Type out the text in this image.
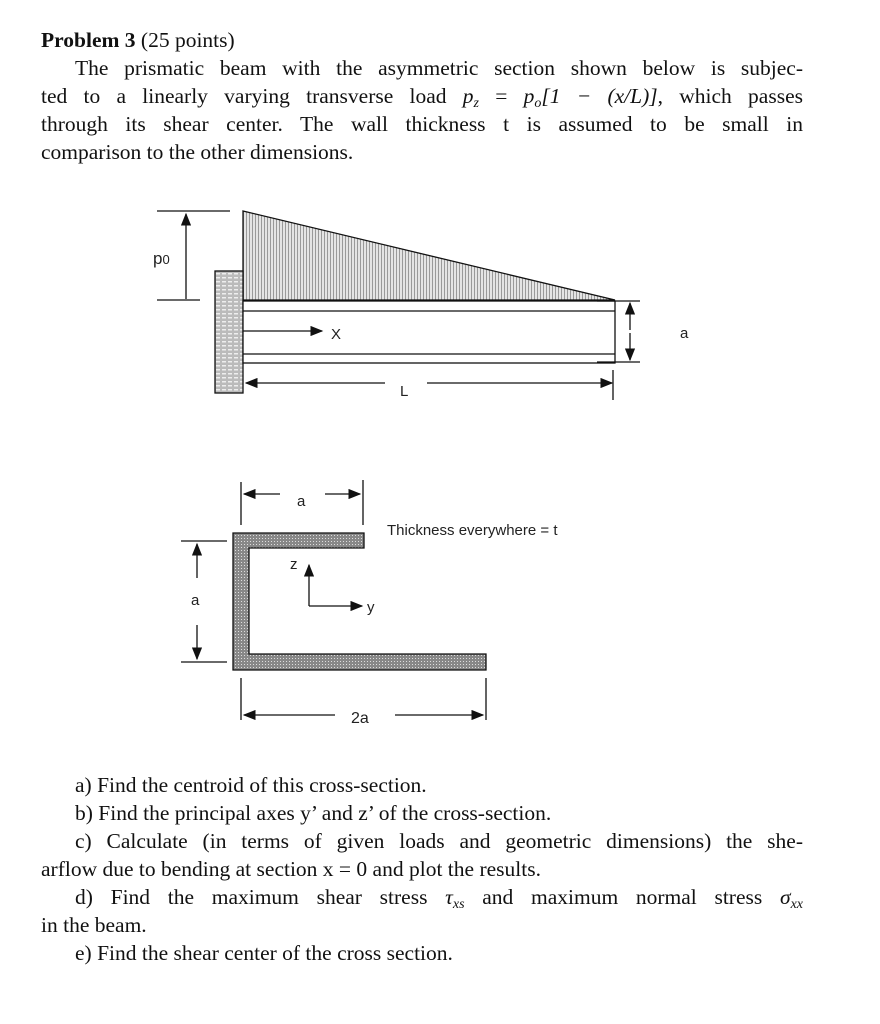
Problem 3 (25 points)
The prismatic beam with the asymmetric section shown below is subjec-
ted to a linearly varying transverse load $p_z = p_o[1 - (x/L)]$, which passes
through its shear center. The wall thickness t is assumed to be small in
comparison to the other dimensions.
p0
X
L
a
a
Thickness everywhere = t
a
z
y
2a
a) Find the centroid of this cross-section.
b) Find the principal axes y’ and z’ of the cross-section.
c) Calculate (in terms of given loads and geometric dimensions) the she-
arflow due to bending at section x = 0 and plot the results.
d) Find the maximum shear stress $\tau_{xs}$ and maximum normal stress $\sigma_{xx}$
in the beam.
e) Find the shear center of the cross section.
